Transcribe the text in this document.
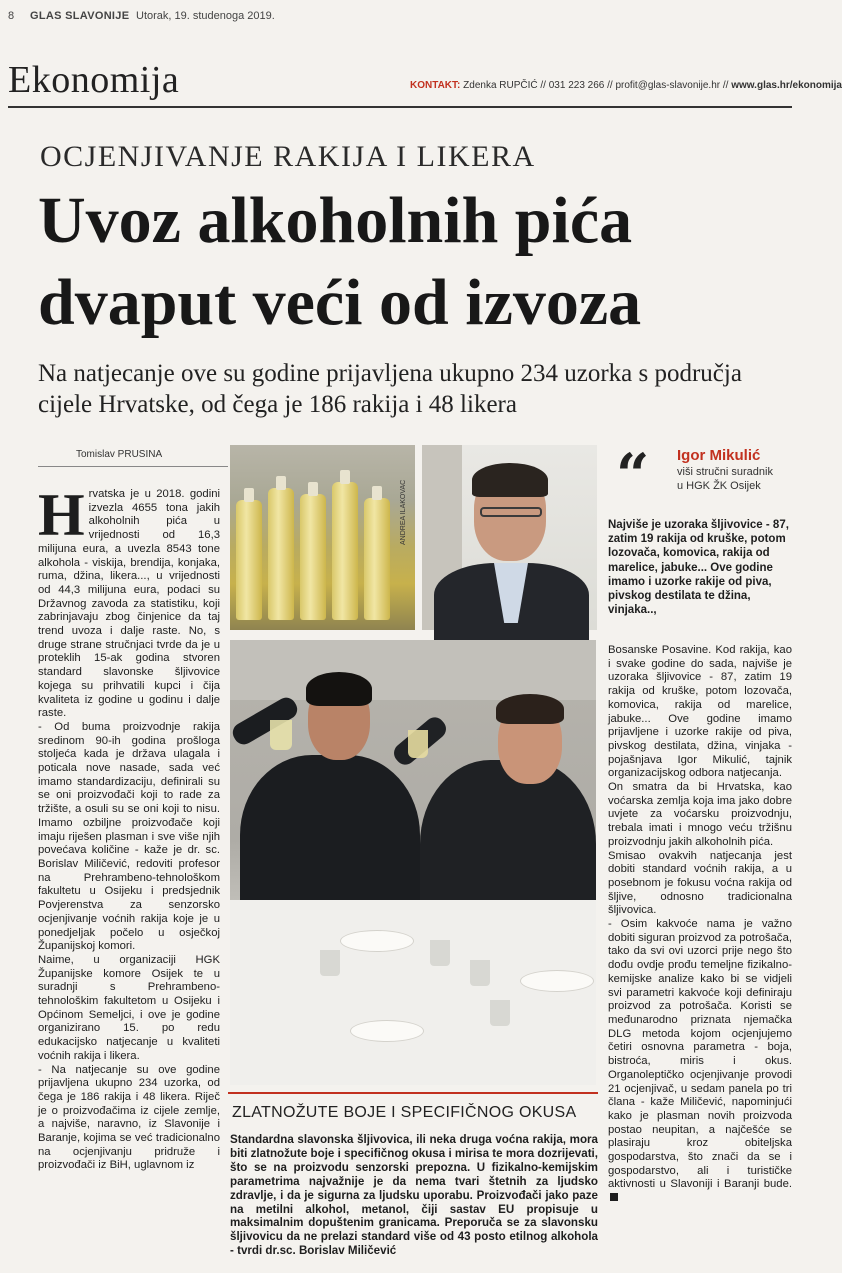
8 GLAS SLAVONIJE Utorak, 19. studenoga 2019.
Ekonomija	KONTAKT: Zdenka RUPČIĆ // 031 223 266 // profit@glas-slavonije.hr // www.glas.hr/ekonomija
OCJENJIVANJE RAKIJA I LIKERA
Uvoz alkoholnih pića
dvaput veći od izvoza
Na natjecanje ove su godine prijavljena ukupno 234 uzorka s područja cijele Hrvatske, od čega je 186 rakija i 48 likera
Tomislav PRUSINA

Hrvatska je u 2018. godini izvezla 4655 tona jakih alkoholnih pića u vrijednosti od 16,3 milijuna eura, a uvezla 8543 tone alkohola - viskija, brendija, konjaka, ruma, džina, likera..., u vrijednosti od 44,3 milijuna eura, podaci su Državnog zavoda za statistiku, koji zabrinjavaju zbog činjenice da taj trend uvoza i dalje raste. No, s druge strane stručnjaci tvrde da je u proteklih 15-ak godina stvoren standard slavonske šljivovice kojega su prihvatili kupci i čija kvaliteta iz godine u godinu i dalje raste.

- Od buma proizvodnje rakija sredinom 90-ih godina prošloga stoljeća kada je država ulagala i poticala nove nasade, sada već imamo standardizaciju, definirali su se oni proizvođači koji to rade za tržište, a osuli su se oni koji to nisu. Imamo ozbiljne proizvođače koji imaju riješen plasman i sve više njih povećava količine - kaže je dr. sc. Borislav Miličević, redoviti profesor na Prehrambeno-tehnološkom fakultetu u Osijeku i predsjednik Povjerenstva za senzorsko ocjenjivanje voćnih rakija koje je u ponedjeljak počelo u osječkoj Županijskoj komori.

Naime, u organizaciji HGK Županijske komore Osijek te u suradnji s Prehrambeno-tehnološkim fakultetom u Osijeku i Općinom Semeljci, i ove je godine organizirano 15. po redu edukacijsko natjecanje u kvaliteti voćnih rakija i likera.

- Na natjecanje su ove godine prijavljena ukupno 234 uzorka, od čega je 186 rakija i 48 likera. Riječ je o proizvođačima iz cijele zemlje, a najviše, naravno, iz Slavonije i Baranje, kojima se već tradicionalno na ocjenjivanju pridruže i proizvođači iz BiH, uglavnom iz

ANDREA ILAKOVAC
“ Igor Mikulić
viši stručni suradnik
u HGK ŽK Osijek
Najviše je uzoraka šljivovice - 87, zatim 19 rakija od kruške, potom lozovača, komovica, rakija od marelice, jabuke... Ove godine imamo i uzorke rakije od piva, pivskog destilata te džina, vinjaka..,
ZLATNOŽUTE BOJE I SPECIFIČNOG OKUSA

Standardna slavonska šljivovica, ili neka druga voćna rakija, mora biti zlatnožute boje i specifičnog okusa i mirisa te mora dozrijevati, što se na proizvodu senzorski prepozna. U fizikalno-kemijskim parametrima najvažnije je da nema tvari štetnih za ljudsko zdravlje, i da je sigurna za ljudsku uporabu. Proizvođači jako paze na metilni alkohol, metanol, čiji sastav EU propisuje u maksimalnim dopuštenim granicama. Preporuča se za slavonsku šljivovicu da ne prelazi standard više od 43 posto etilnog alkohola - tvrdi dr.sc. Borislav Miličević

Bosanske Posavine. Kod rakija, kao i svake godine do sada, najviše je uzoraka šljivovice - 87, zatim 19 rakija od kruške, potom lozovača, komovica, rakija od marelice, jabuke... Ove godine imamo prijavljene i uzorke rakije od piva, pivskog destilata, džina, vinjaka - pojašnjava Igor Mikulić, tajnik organizacijskog odbora natjecanja.

On smatra da bi Hrvatska, kao voćarska zemlja koja ima jako dobre uvjete za voćarsku proizvodnju, trebala imati i mnogo veću tržišnu proizvodnju jakih alkoholnih pića.

Smisao ovakvih natjecanja jest dobiti standard voćnih rakija, a u posebnom je fokusu voćna rakija od šljive, odnosno tradicionalna šljivovica.

- Osim kakvoće nama je važno dobiti siguran proizvod za potrošača, tako da svi ovi uzorci prije nego što dođu ovdje prođu temeljne fizikalno-kemijske analize kako bi se vidjeli svi parametri kakvoće koji definiraju proizvod za potrošača. Koristi se međunarodno priznata njemačka DLG metoda kojom ocjenjujemo četiri osnovna parametra - boja, bistroća, miris i okus. Organoleptičko ocjenjivanje provodi 21 ocjenjivač, u sedam panela po tri člana - kaže Miličević, napominjući kako je plasman novih proizvoda postao neupitan, a najčešće se plasiraju kroz obiteljska gospodarstva, što znači da se i gospodarstvo, ali i turističke aktivnosti u Slavoniji i Baranji bude.
